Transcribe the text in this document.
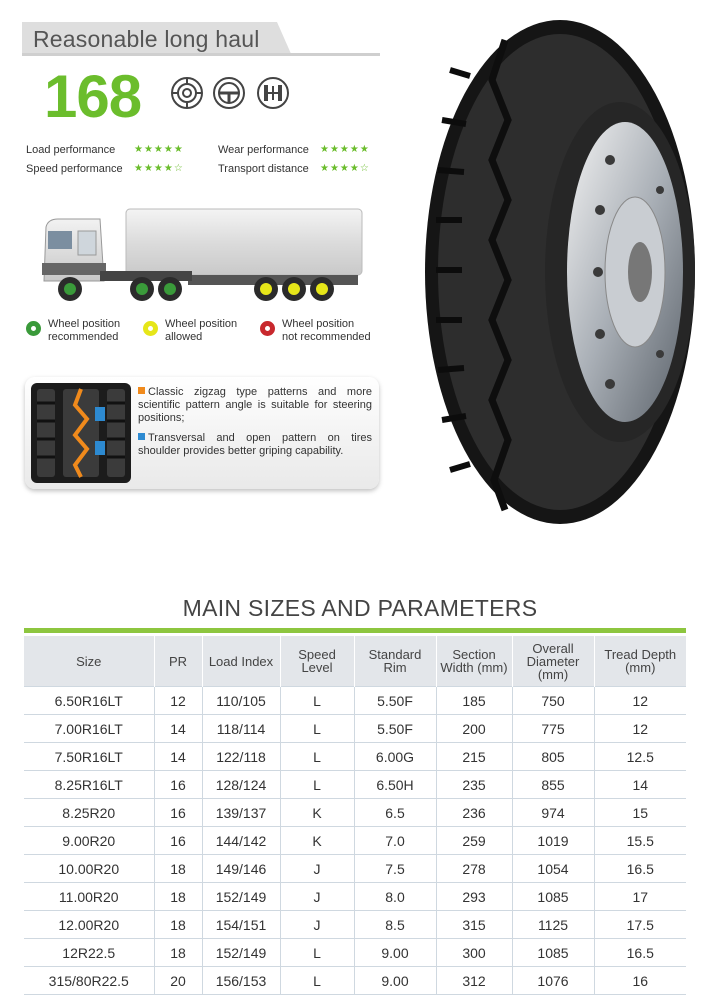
Reasonable long haul
168
Load performance ★★★★★	Wear performance ★★★★★
Speed performance ★★★★☆	Transport distance ★★★★☆
Wheel position
recommended
Wheel position
allowed
Wheel position
not recommended
Classic zigzag type patterns and more scientific pattern angle is suitable for steering positions;
Transversal and open pattern on tires shoulder provides better griping capability.
MAIN SIZES AND PARAMETERS
Size	PR	Load Index	Speed Level	Standard Rim	Section Width (mm)	Overall Diameter (mm)	Tread Depth (mm)
6.50R16LT	12	110/105	L	5.50F	185	750	12
7.00R16LT	14	118/114	L	5.50F	200	775	12
7.50R16LT	14	122/118	L	6.00G	215	805	12.5
8.25R16LT	16	128/124	L	6.50H	235	855	14
8.25R20	16	139/137	K	6.5	236	974	15
9.00R20	16	144/142	K	7.0	259	1019	15.5
10.00R20	18	149/146	J	7.5	278	1054	16.5
11.00R20	18	152/149	J	8.0	293	1085	17
12.00R20	18	154/151	J	8.5	315	1125	17.5
12R22.5	18	152/149	L	9.00	300	1085	16.5
315/80R22.5	20	156/153	L	9.00	312	1076	16
